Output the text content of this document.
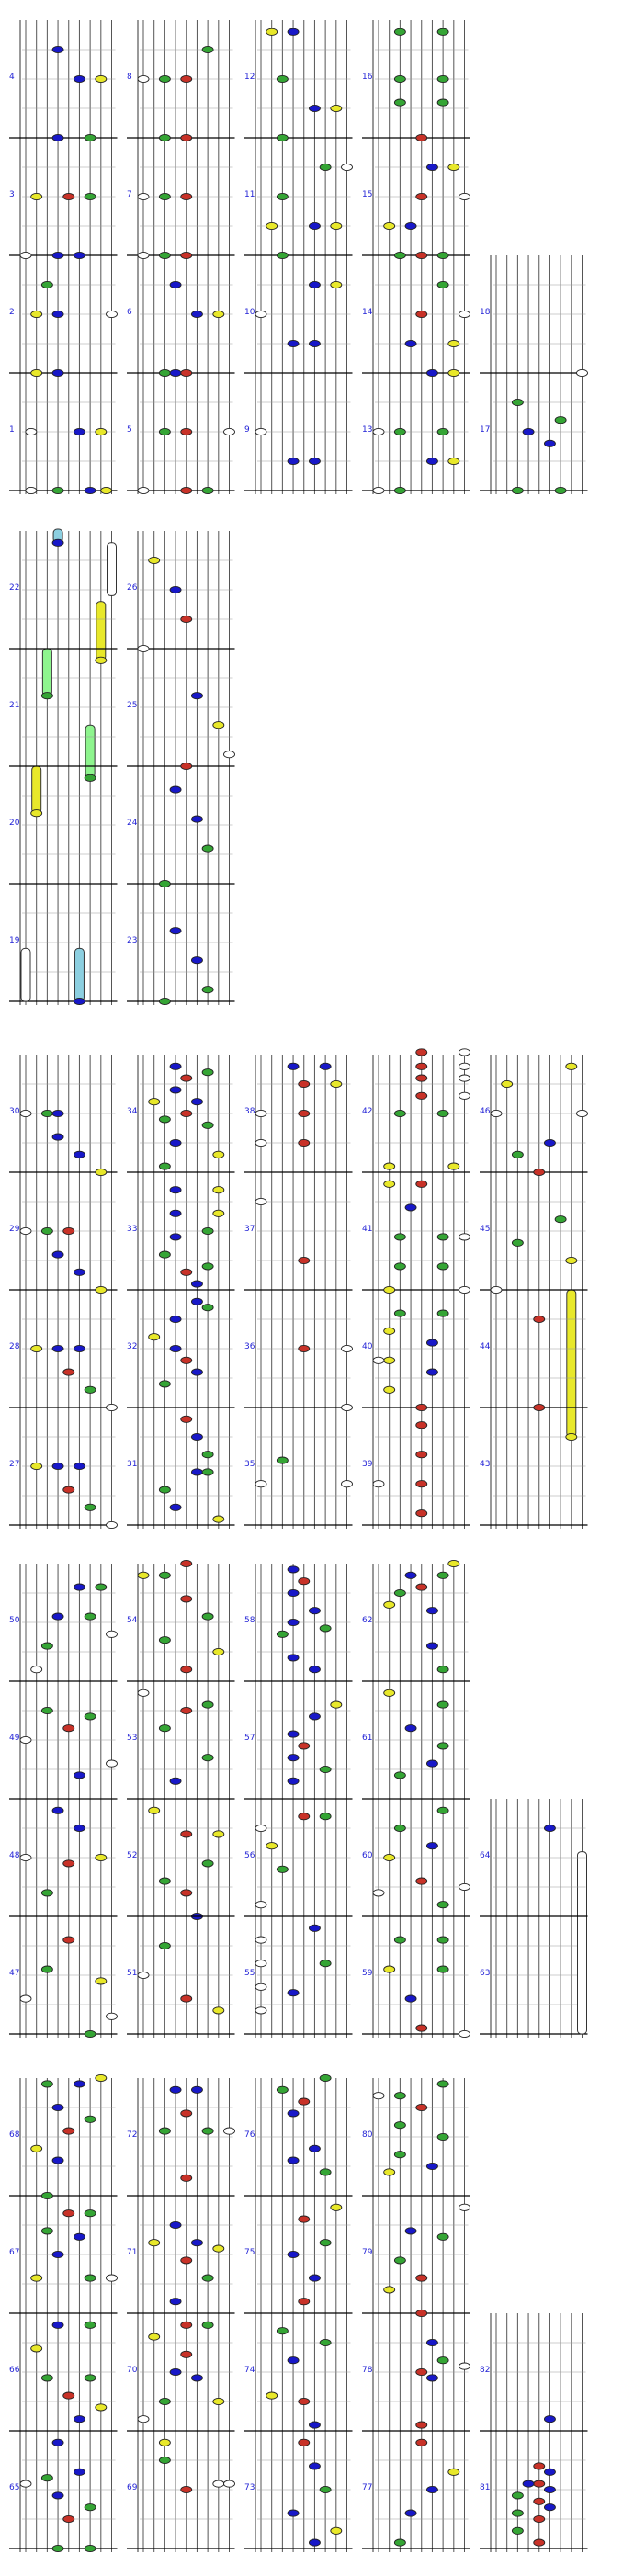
1
2
3
4
5
6
7
8
9
10
11
12
13
14
15
16
17
18
19
20
21
22
23
24
25
26
27
28
29
30
31
32
33
34
35
36
37
38
39
40
41
42
43
44
45
46
47
48
49
50
51
52
53
54
55
56
57
58
59
60
61
62
63
64
65
66
67
68
69
70
71
72
73
74
75
76
77
78
79
80
81
82
